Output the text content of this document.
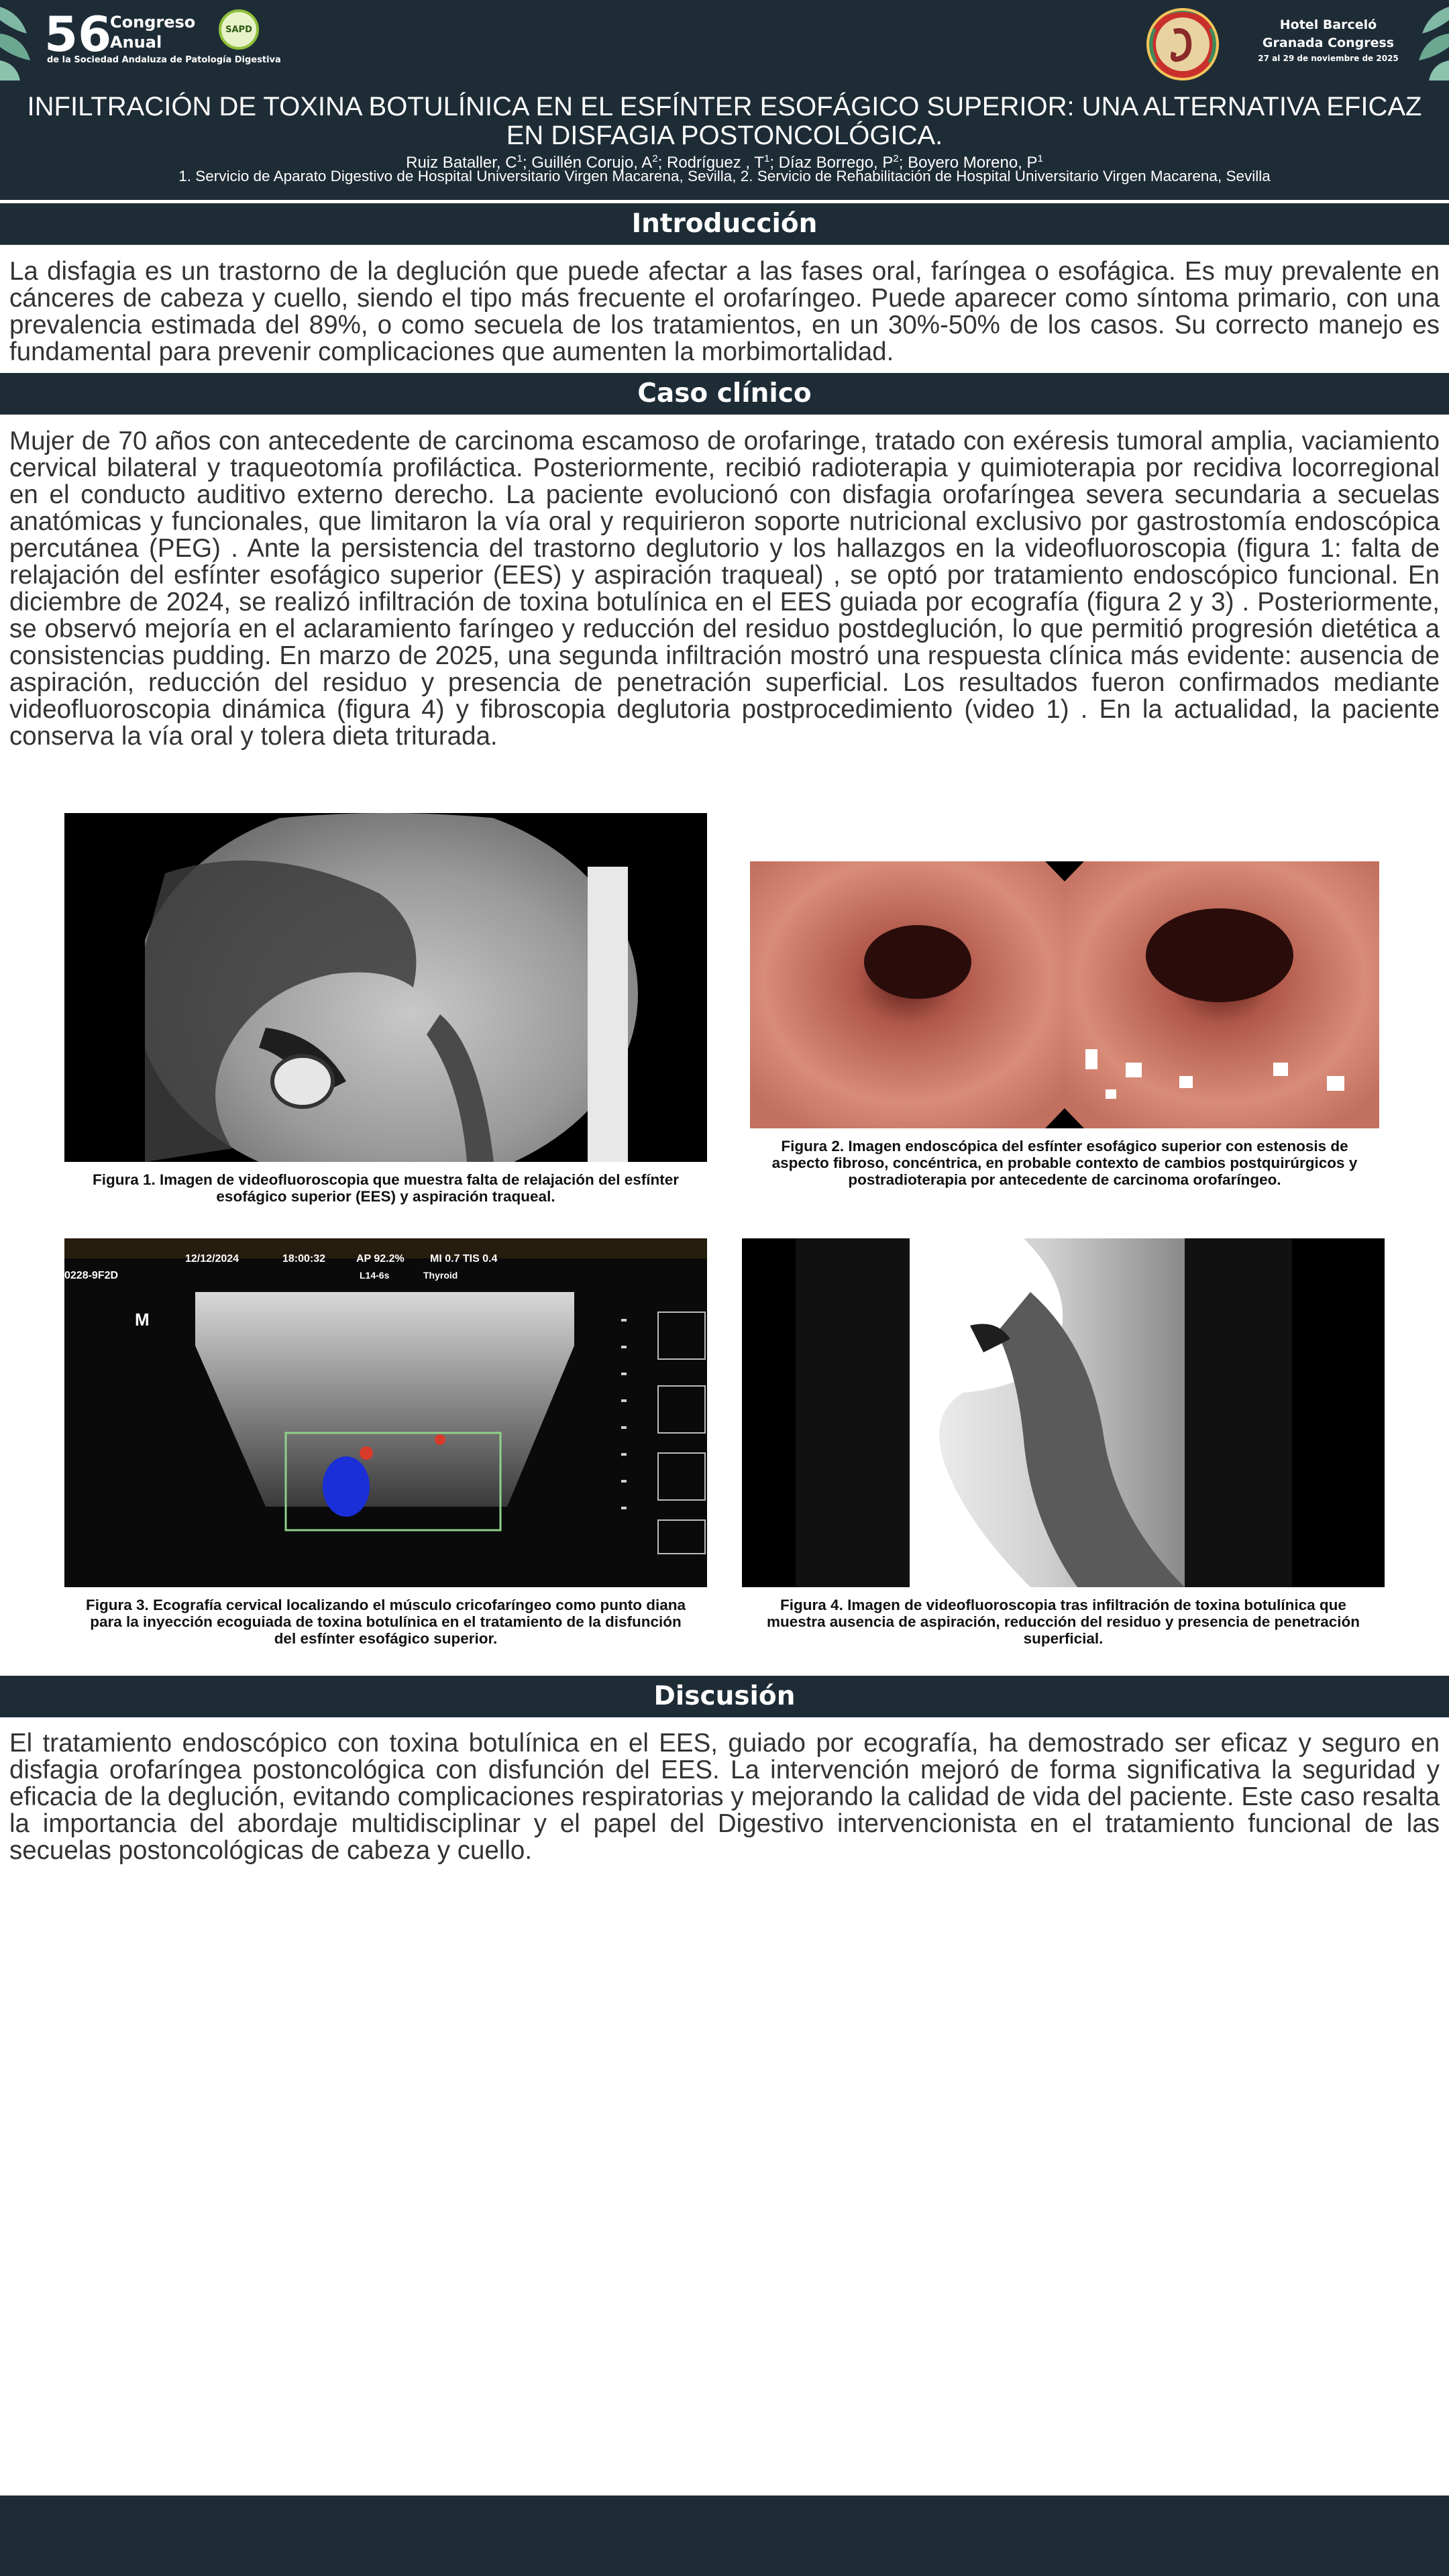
56
Congreso
Anual
SAPD
de la Sociedad Andaluza de Patología Digestiva
Hotel Barceló
Granada Congress
27 al 29 de noviembre de 2025
INFILTRACIÓN DE TOXINA BOTULÍNICA EN EL ESFÍNTER ESOFÁGICO SUPERIOR: UNA ALTERNATIVA EFICAZ EN DISFAGIA POSTONCOLÓGICA.
Ruiz Bataller, $C^1$; Guillén Corujo, $A^2$; Rodríguez , $T^1$; Díaz Borrego, $P^2$; Boyero Moreno, $P^1$
1. Servicio de Aparato Digestivo de Hospital Universitario Virgen Macarena, Sevilla, 2. Servicio de Rehabilitación de Hospital Universitario Virgen Macarena, Sevilla
Introducción
La disfagia es un trastorno de la deglución que puede afectar a las fases oral, faríngea o esofágica. Es muy prevalente en cánceres de cabeza y cuello, siendo el tipo más frecuente el orofaríngeo. Puede aparecer como síntoma primario, con una prevalencia estimada del 89%, o como secuela de los tratamientos, en un 30%-50% de los casos. Su correcto manejo es fundamental para prevenir complicaciones que aumenten la morbimortalidad.
Caso clínico
Mujer de 70 años con antecedente de carcinoma escamoso de orofaringe, tratado con exéresis tumoral amplia, vaciamiento cervical bilateral y traqueotomía profiláctica. Posteriormente, recibió radioterapia y quimioterapia por recidiva locorregional en el conducto auditivo externo derecho. La paciente evolucionó con disfagia orofaríngea severa secundaria a secuelas anatómicas y funcionales, que limitaron la vía oral y requirieron soporte nutricional exclusivo por gastrostomía endoscópica percutánea (PEG) . Ante la persistencia del trastorno deglutorio y los hallazgos en la videofluoroscopia (figura 1: falta de relajación del esfínter esofágico superior (EES) y aspiración traqueal) , se optó por tratamiento endoscópico funcional. En diciembre de 2024, se realizó infiltración de toxina botulínica en el EES guiada por ecografía (figura 2 y 3) . Posteriormente, se observó mejoría en el aclaramiento faríngeo y reducción del residuo postdeglución, lo que permitió progresión dietética a consistencias pudding. En marzo de 2025, una segunda infiltración mostró una respuesta clínica más evidente: ausencia de aspiración, reducción del residuo y presencia de penetración superficial. Los resultados fueron confirmados mediante videofluoroscopia dinámica (figura 4) y fibroscopia deglutoria postprocedimiento (video 1) . En la actualidad, la paciente conserva la vía oral y tolera dieta triturada.
Figura 1. Imagen de videofluoroscopia que muestra falta de relajación del esfínter esofágico superior (EES) y aspiración traqueal.
Figura 2. Imagen endoscópica del esfínter esofágico superior con estenosis de aspecto fibroso, concéntrica, en probable contexto de cambios postquirúrgicos y postradioterapia por antecedente de carcinoma orofaríngeo.
12/12/2024	18:00:32	AP 92.2% MI 0.7 TIS 0.4
L14-6s	Thyroid
0228-9F2D
M
Figura 3. Ecografía cervical localizando el músculo cricofaríngeo como punto diana para la inyección ecoguiada de toxina botulínica en el tratamiento de la disfunción del esfínter esofágico superior.
Figura 4. Imagen de videofluoroscopia tras infiltración de toxina botulínica que muestra ausencia de aspiración, reducción del residuo y presencia de penetración superficial.
Discusión
El tratamiento endoscópico con toxina botulínica en el EES, guiado por ecografía, ha demostrado ser eficaz y seguro en disfagia orofaríngea postoncológica con disfunción del EES. La intervención mejoró de forma significativa la seguridad y eficacia de la deglución, evitando complicaciones respiratorias y mejorando la calidad de vida del paciente. Este caso resalta la importancia del abordaje multidisciplinar y el papel del Digestivo intervencionista en el tratamiento funcional de las secuelas postoncológicas de cabeza y cuello.
